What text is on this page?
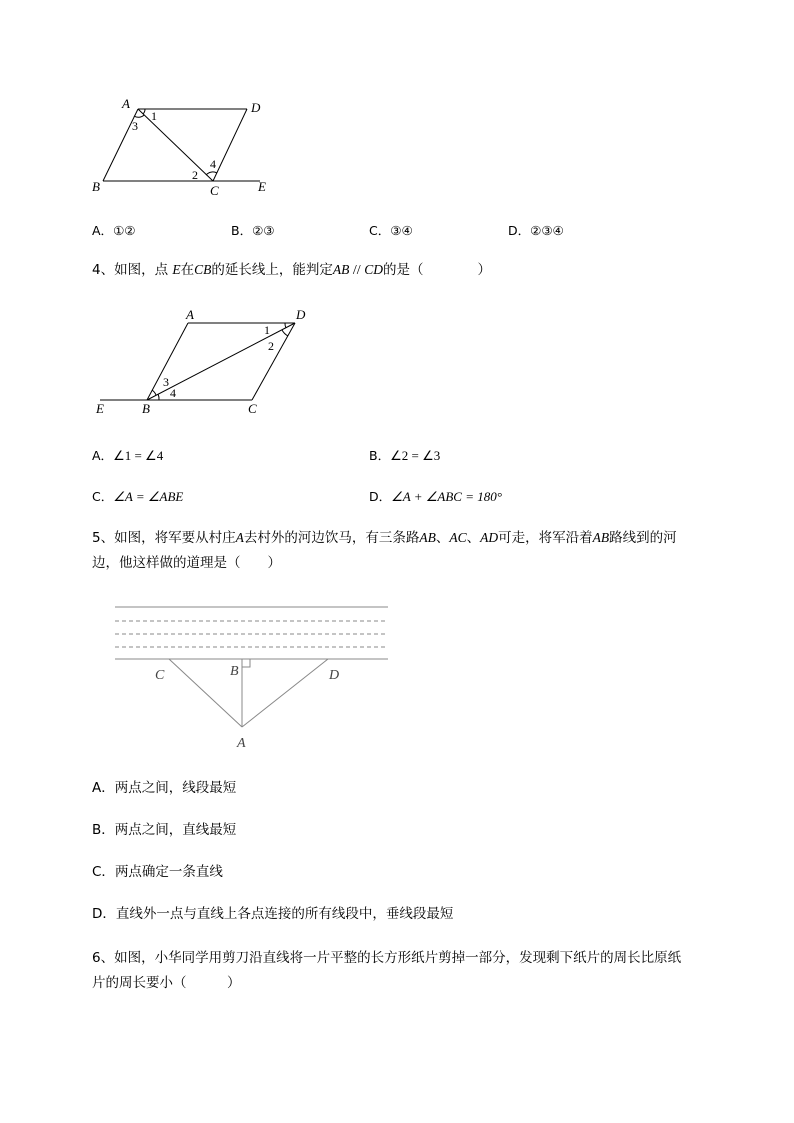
A	D
B	C	E
1
2
3
4
A．①②	B．②③	C．③④	D．②③④
4、如图，点 E在CB的延长线上，能判定AB // CD的是（　　　　）
A	D
E	B	C
1
2
3
4
A．∠1 = ∠4	B．∠2 = ∠3
C．∠A = ∠ABE	D．∠A + ∠ABC = 180°
5、如图，将军要从村庄A去村外的河边饮马，有三条路AB、AC、AD可走，将军沿着AB路线到的河
边，他这样做的道理是（　　）
C	B	D
A
A．两点之间，线段最短
B．两点之间，直线最短
C．两点确定一条直线
D．直线外一点与直线上各点连接的所有线段中，垂线段最短
6、如图，小华同学用剪刀沿直线将一片平整的长方形纸片剪掉一部分，发现剩下纸片的周长比原纸
片的周长要小（　　　）
